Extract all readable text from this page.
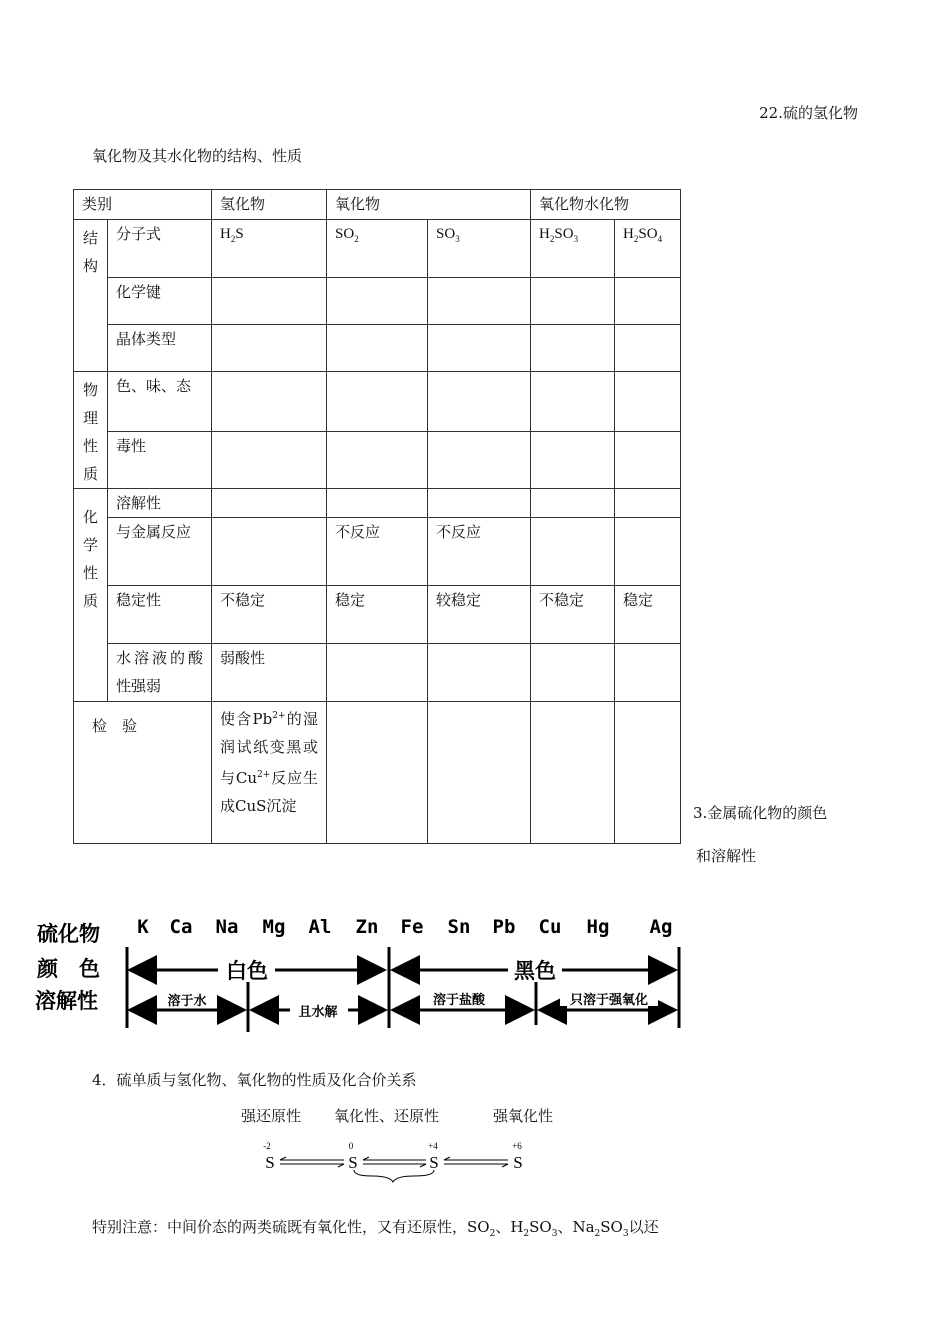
22.硫的氢化物
氧化物及其水化物的结构、性质
类别		氢化物	氧化物		氧化物水化物	

结
构	分子式	$H_2S$	$SO_2$	$SO_3$	$H_2SO_3$	$H_2SO_4$
	化学键					
	晶体类型					

物
理
性
质	色、味、态					
	毒性					

化
学
性
质	溶解性					
	与金属反应		不反应	不反应		
	稳定性	不稳定	稳定	较稳定	不稳定	稳定
	水溶液的酸性强弱	弱酸性				
检　验		使含$Pb^{2+}$的湿润试纸变黑或与$Cu^{2+}$反应生成CuS沉淀					3.金属硫化物的颜色
和溶解性
硫化物
颜　色
溶解性
K Ca Na Mg Al Zn Fe Sn Pb Cu Hg Ag
白色	黑色
溶于水
且水解
溶于盐酸	只溶于强氧化
4．硫单质与氢化物、氧化物的性质及化合价关系
强还原性 氧化性、还原性	强氧化性
-2
S
0
S
+4
S
+6
S
特别注意：中间价态的两类硫既有氧化性，又有还原性，$SO_2$、$H_2SO_3$、$Na_2SO_3$以还
